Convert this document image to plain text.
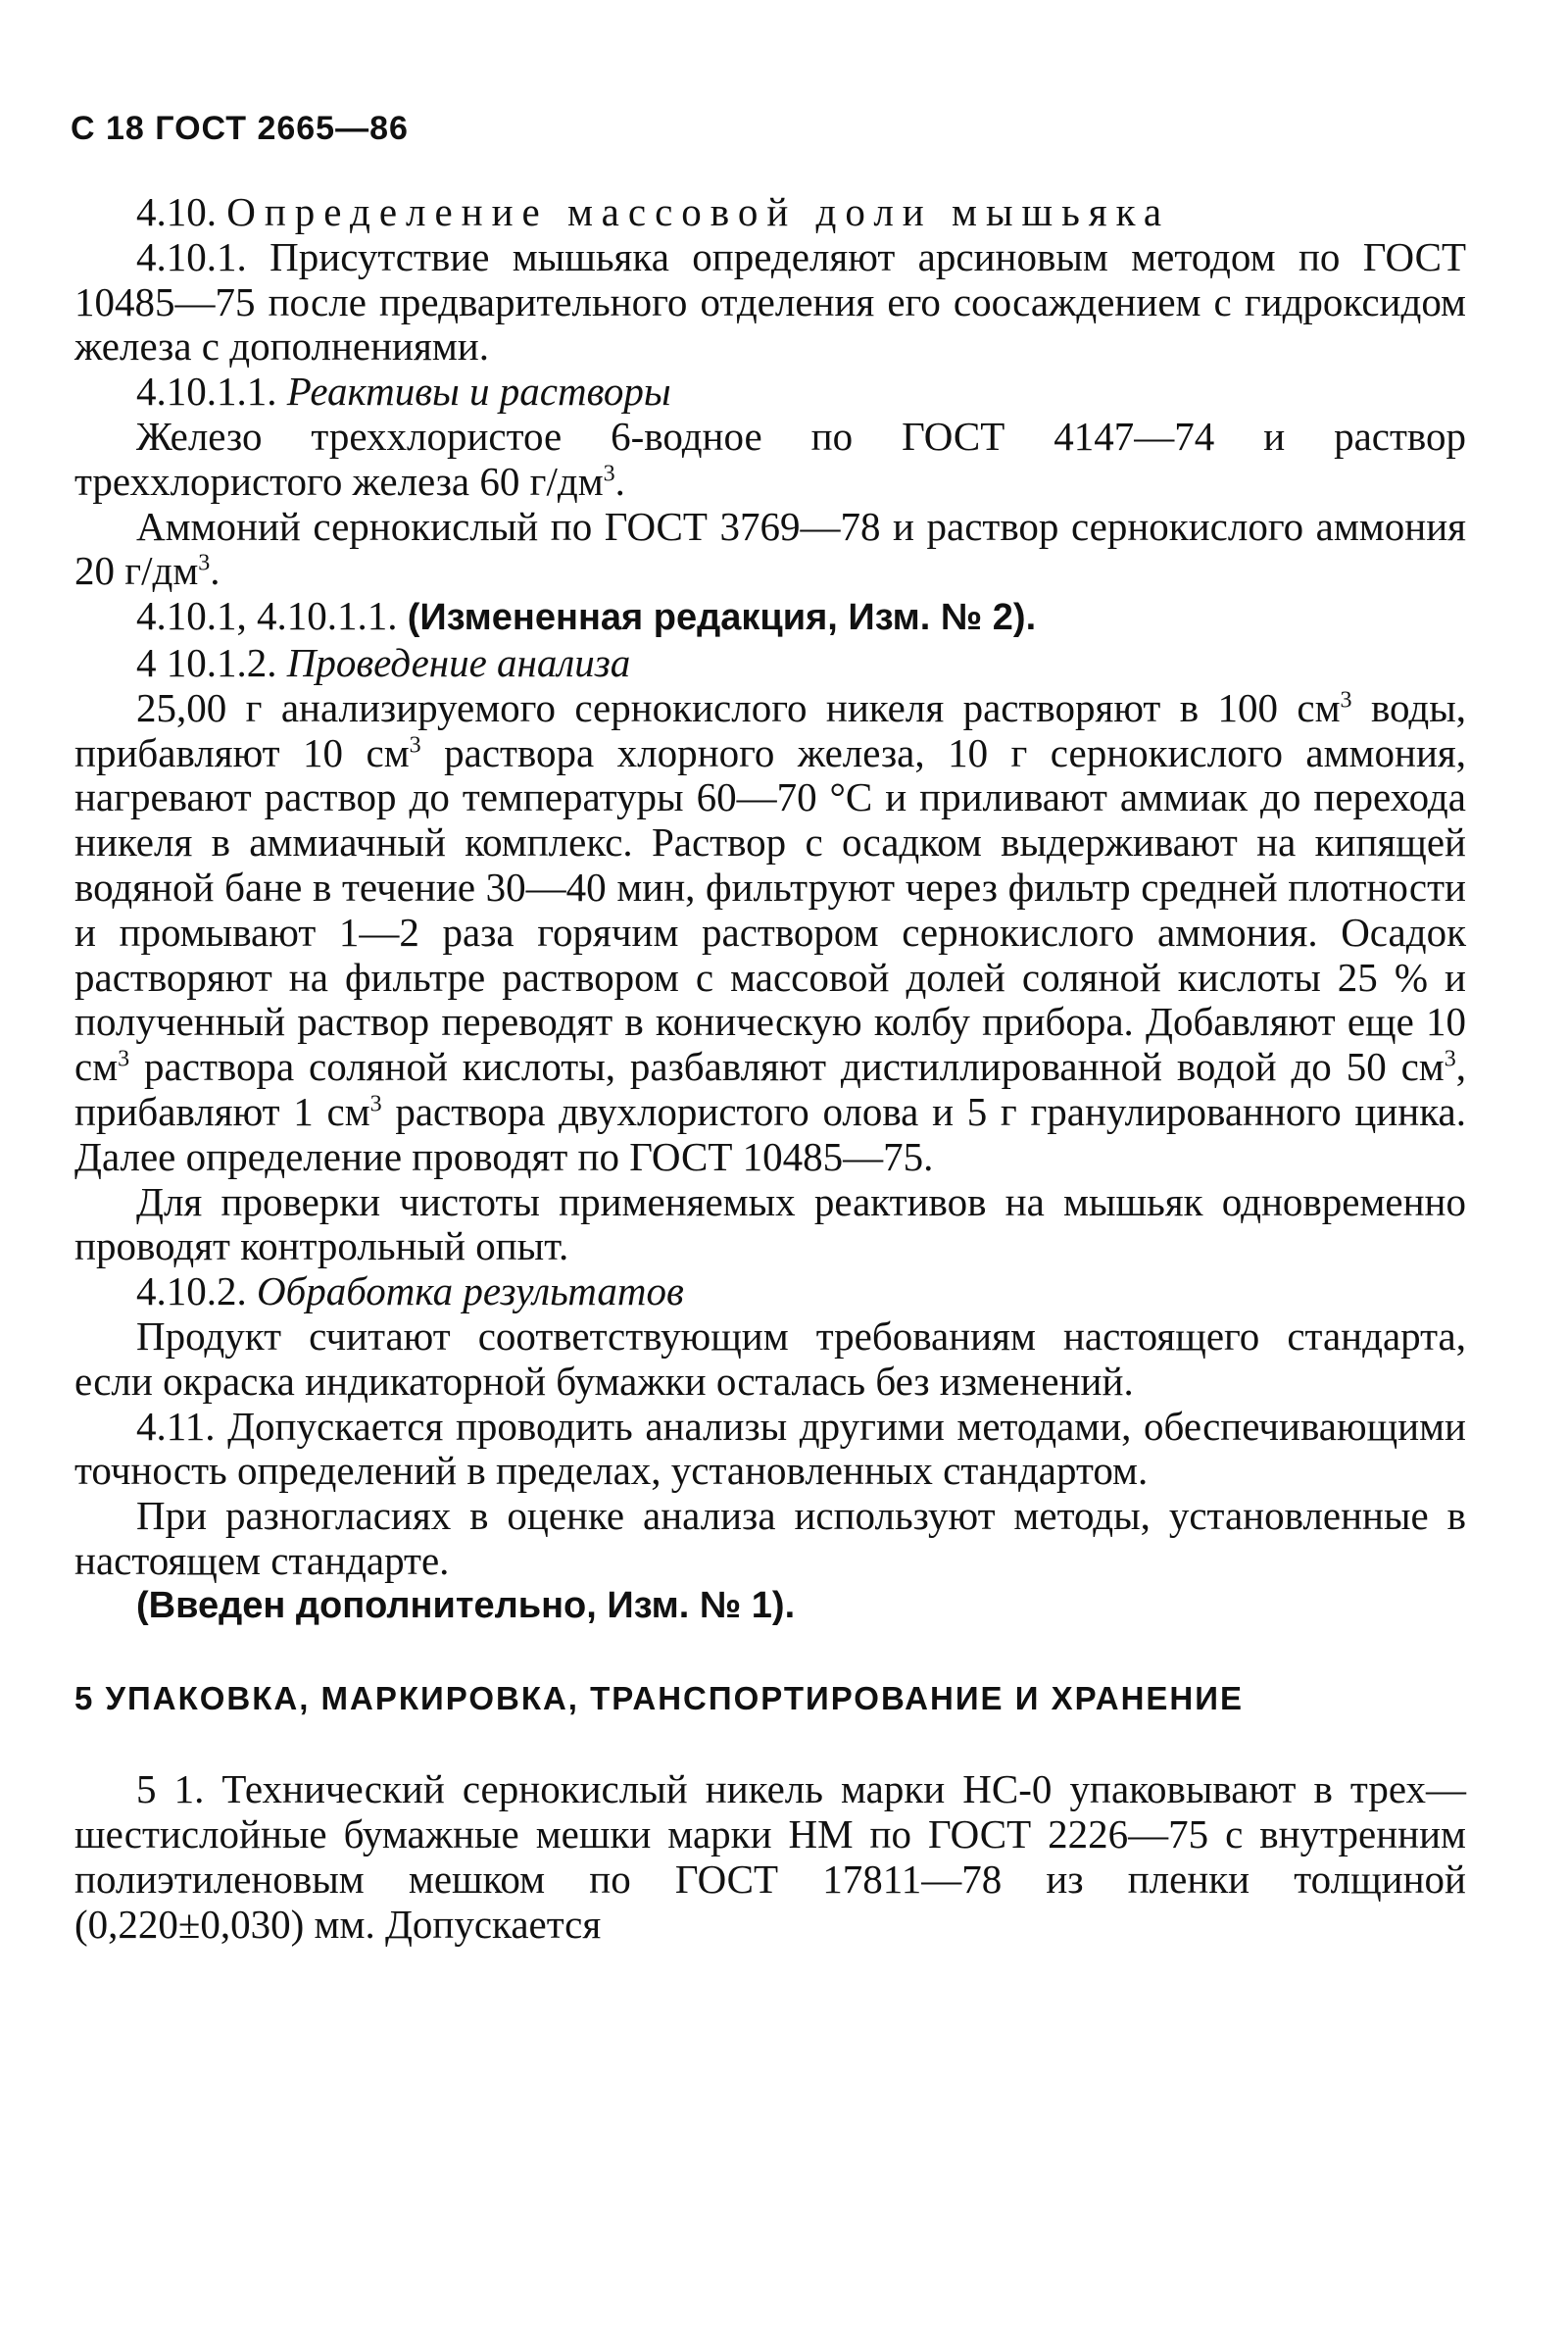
С 18 ГОСТ 2665—86

4.10. Определение массовой доли мышьяка

4.10.1. Присутствие мышьяка определяют арсиновым методом по ГОСТ 10485—75 после предварительного отделения его соосаждением с гидроксидом железа с дополнениями.

4.10.1.1. Реактивы и растворы

Железо треххлористое 6-водное по ГОСТ 4147—74 и раствор треххлористого железа 60 $г/дм^3$.

Аммоний сернокислый по ГОСТ 3769—78 и раствор сернокислого аммония 20 $г/дм^3$.

4.10.1, 4.10.1.1. (Измененная редакция, Изм. № 2).

4 10.1.2. Проведение анализа

25,00 г анализируемого сернокислого никеля растворяют в 100 $см^3$ воды, прибавляют 10 $см^3$ раствора хлорного железа, 10 г сернокислого аммония, нагревают раствор до температуры 60—70 °С и приливают аммиак до перехода никеля в аммиачный комплекс. Раствор с осадком выдерживают на кипящей водяной бане в течение 30—40 мин, фильтруют через фильтр средней плотности и промывают 1—2 раза горячим раствором сернокислого аммония. Осадок растворяют на фильтре раствором с массовой долей соляной кислоты 25 % и полученный раствор переводят в коническую колбу прибора. Добавляют еще 10 $см^3$ раствора соляной кислоты, разбавляют дистиллированной водой до 50 $см^3$, прибавляют 1 $см^3$ раствора двухлористого олова и 5 г гранулированного цинка. Далее определение проводят по ГОСТ 10485—75.

Для проверки чистоты применяемых реактивов на мышьяк одновременно проводят контрольный опыт.

4.10.2. Обработка результатов

Продукт считают соответствующим требованиям настоящего стандарта, если окраска индикаторной бумажки осталась без изменений.

4.11. Допускается проводить анализы другими методами, обеспечивающими точность определений в пределах, установленных стандартом.

При разногласиях в оценке анализа используют методы, установленные в настоящем стандарте.

(Введен дополнительно, Изм. № 1).

5 УПАКОВКА, МАРКИРОВКА, ТРАНСПОРТИРОВАНИЕ И ХРАНЕНИЕ

5 1. Технический сернокислый никель марки НС-0 упаковывают в трех—шестислойные бумажные мешки марки НМ по ГОСТ 2226—75 с внутренним полиэтиленовым мешком по ГОСТ 17811—78 из пленки толщиной (0,220±0,030) мм. Допускается
